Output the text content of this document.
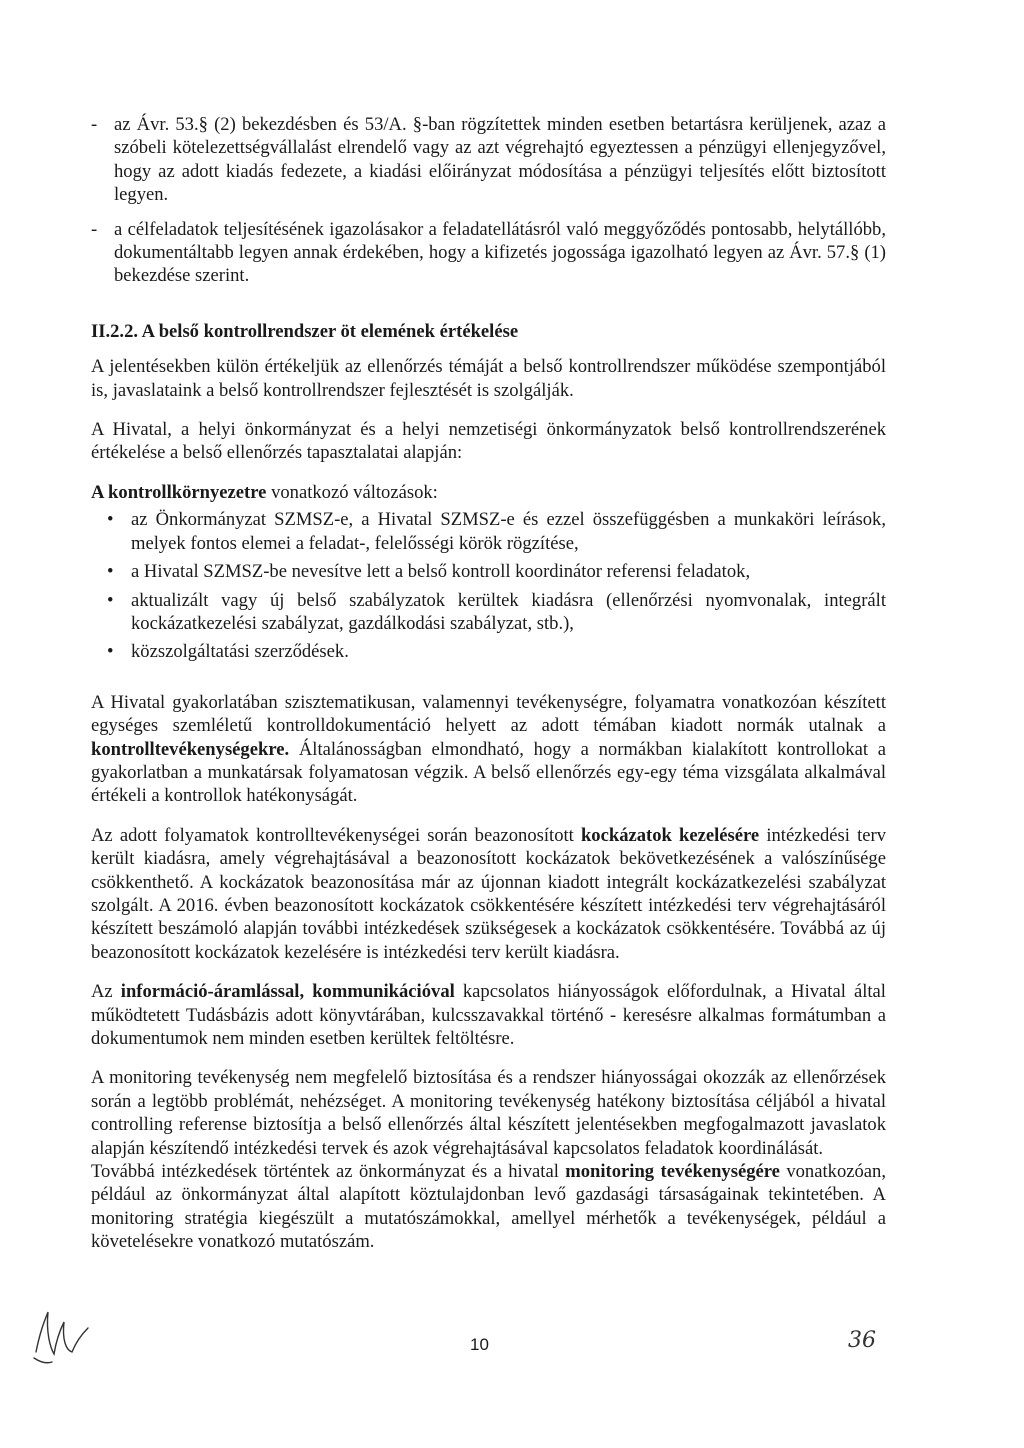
- az Ávr. 53.§ (2) bekezdésben és 53/A. §-ban rögzítettek minden esetben betartásra kerüljenek, azaz a szóbeli kötelezettségvállalást elrendelő vagy az azt végrehajtó egyeztessen a pénzügyi ellenjegyzővel, hogy az adott kiadás fedezete, a kiadási előirányzat módosítása a pénzügyi teljesítés előtt biztosított legyen.
- a célfeladatok teljesítésének igazolásakor a feladatellátásról való meggyőződés pontosabb, helytállóbb, dokumentáltabb legyen annak érdekében, hogy a kifizetés jogossága igazolható legyen az Ávr. 57.§ (1) bekezdése szerint.

II.2.2. A belső kontrollrendszer öt elemének értékelése

A jelentésekben külön értékeljük az ellenőrzés témáját a belső kontrollrendszer működése szempontjából is, javaslataink a belső kontrollrendszer fejlesztését is szolgálják.

A Hivatal, a helyi önkormányzat és a helyi nemzetiségi önkormányzatok belső kontrollrendszerének értékelése a belső ellenőrzés tapasztalatai alapján:

A kontrollkörnyezetre vonatkozó változások:

• az Önkormányzat SZMSZ-e, a Hivatal SZMSZ-e és ezzel összefüggésben a munkaköri leírások, melyek fontos elemei a feladat-, felelősségi körök rögzítése,
• a Hivatal SZMSZ-be nevesítve lett a belső kontroll koordinátor referensi feladatok,
• aktualizált vagy új belső szabályzatok kerültek kiadásra (ellenőrzési nyomvonalak, integrált kockázatkezelési szabályzat, gazdálkodási szabályzat, stb.),
• közszolgáltatási szerződések.

A Hivatal gyakorlatában szisztematikusan, valamennyi tevékenységre, folyamatra vonatkozóan készített egységes szemléletű kontrolldokumentáció helyett az adott témában kiadott normák utalnak a kontrolltevékenységekre. Általánosságban elmondható, hogy a normákban kialakított kontrollokat a gyakorlatban a munkatársak folyamatosan végzik. A belső ellenőrzés egy-egy téma vizsgálata alkalmával értékeli a kontrollok hatékonyságát.

Az adott folyamatok kontrolltevékenységei során beazonosított kockázatok kezelésére intézkedési terv került kiadásra, amely végrehajtásával a beazonosított kockázatok bekövetkezésének a valószínűsége csökkenthető. A kockázatok beazonosítása már az újonnan kiadott integrált kockázatkezelési szabályzat szolgált. A 2016. évben beazonosított kockázatok csökkentésére készített intézkedési terv végrehajtásáról készített beszámoló alapján további intézkedések szükségesek a kockázatok csökkentésére. Továbbá az új beazonosított kockázatok kezelésére is intézkedési terv került kiadásra.

Az információ-áramlással, kommunikációval kapcsolatos hiányosságok előfordulnak, a Hivatal által működtetett Tudásbázis adott könyvtárában, kulcsszavakkal történő - keresésre alkalmas formátumban a dokumentumok nem minden esetben kerültek feltöltésre.

A monitoring tevékenység nem megfelelő biztosítása és a rendszer hiányosságai okozzák az ellenőrzések során a legtöbb problémát, nehézséget. A monitoring tevékenység hatékony biztosítása céljából a hivatal controlling referense biztosítja a belső ellenőrzés által készített jelentésekben megfogalmazott javaslatok alapján készítendő intézkedési tervek és azok végrehajtásával kapcsolatos feladatok koordinálását.

Továbbá intézkedések történtek az önkormányzat és a hivatal monitoring tevékenységére vonatkozóan, például az önkormányzat által alapított köztulajdonban levő gazdasági társaságainak tekintetében. A monitoring stratégia kiegészült a mutatószámokkal, amellyel mérhetők a tevékenységek, például a követelésekre vonatkozó mutatószám.

10	36
